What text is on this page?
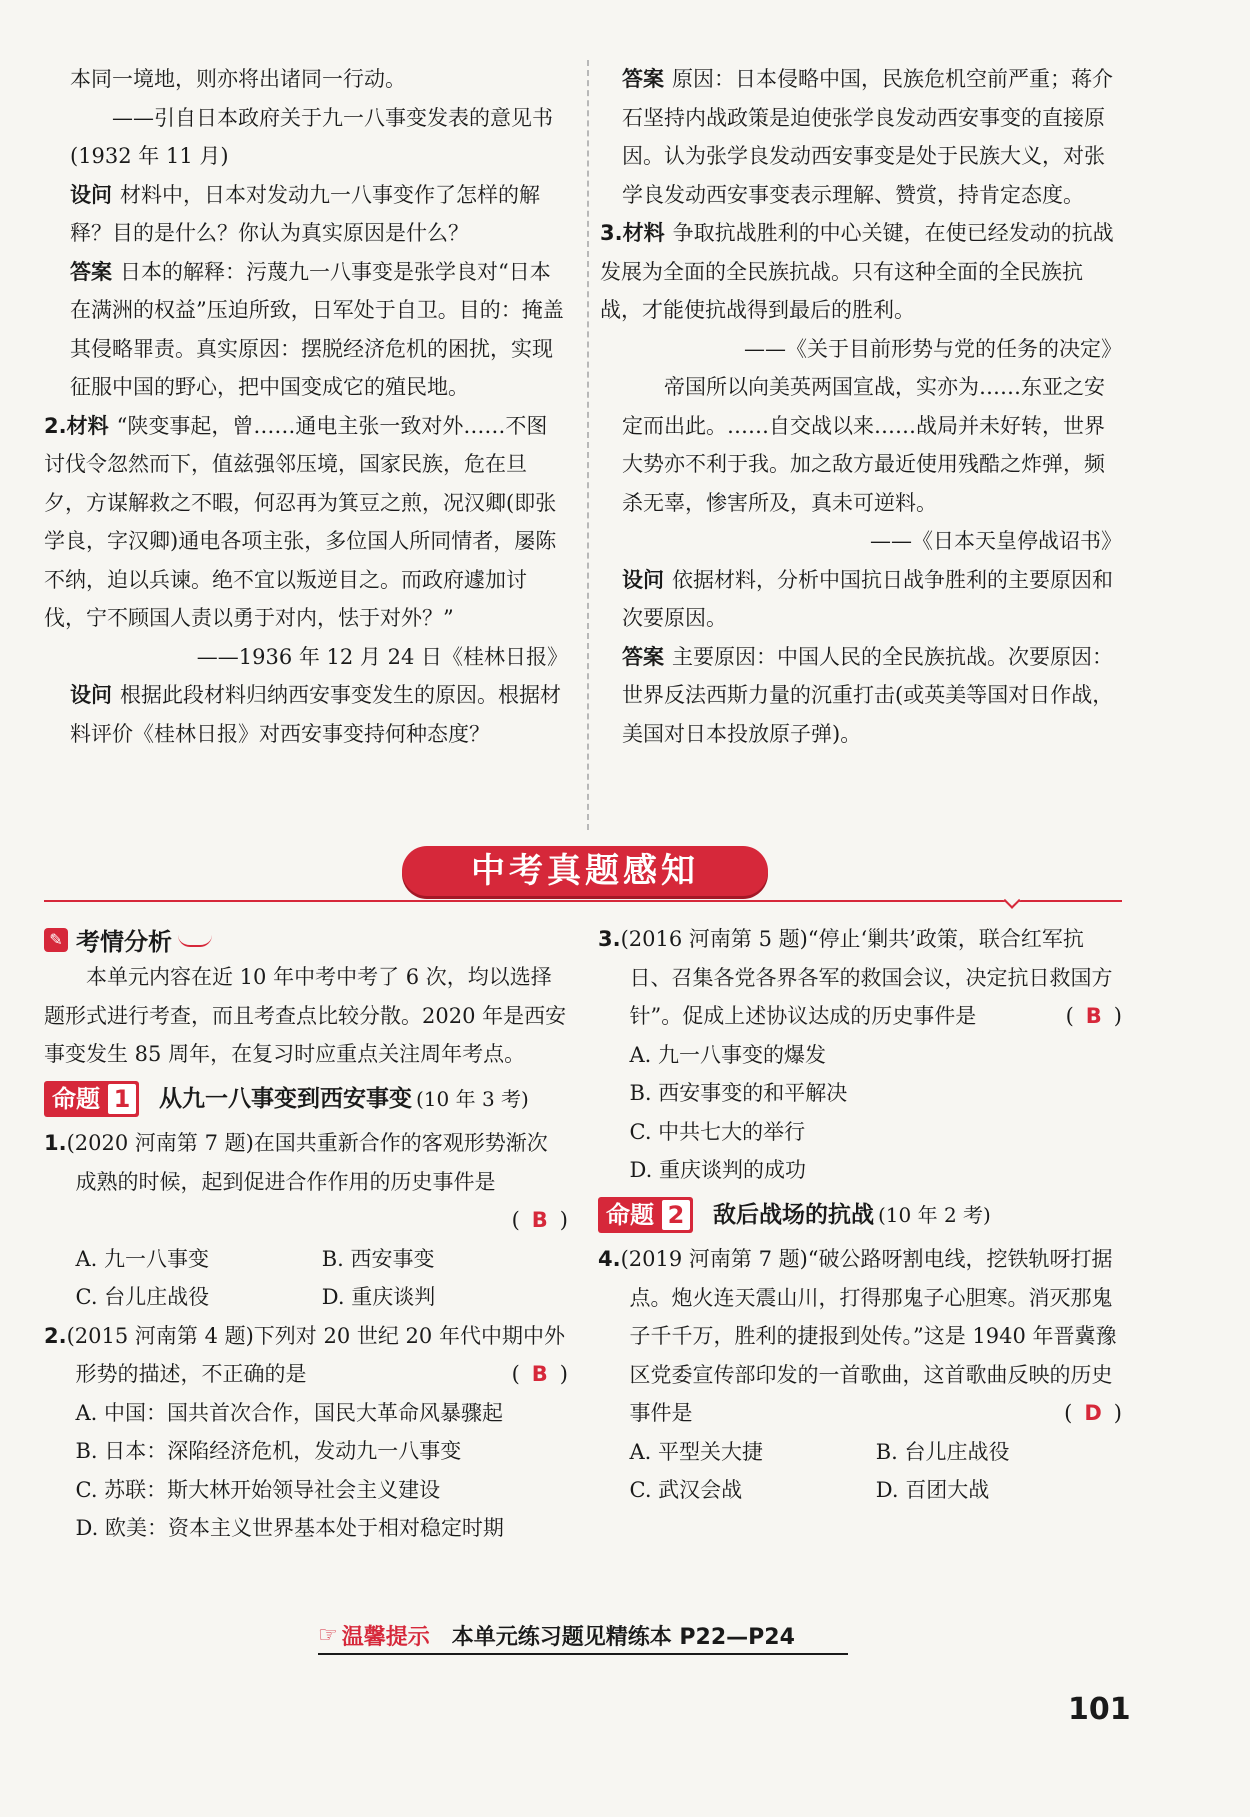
本同一境地，则亦将出诸同一行动。

——引自日本政府关于九一八事变发表的意见书(1932 年 11 月)

设问 材料中，日本对发动九一八事变作了怎样的解释？目的是什么？你认为真实原因是什么？

答案 日本的解释：污蔑九一八事变是张学良对“日本在满洲的权益”压迫所致，日军处于自卫。目的：掩盖其侵略罪责。真实原因：摆脱经济危机的困扰，实现征服中国的野心，把中国变成它的殖民地。

2.材料 “陕变事起，曾……通电主张一致对外……不图讨伐令忽然而下，值兹强邻压境，国家民族，危在旦夕，方谋解救之不暇，何忍再为箕豆之煎，况汉卿(即张学良，字汉卿)通电各项主张，多位国人所同情者，屡陈不纳，迫以兵谏。绝不宜以叛逆目之。而政府遽加讨伐，宁不顾国人责以勇于对内，怯于对外？”

——1936 年 12 月 24 日《桂林日报》

设问 根据此段材料归纳西安事变发生的原因。根据材料评价《桂林日报》对西安事变持何种态度？

答案 原因：日本侵略中国，民族危机空前严重；蒋介石坚持内战政策是迫使张学良发动西安事变的直接原因。认为张学良发动西安事变是处于民族大义，对张学良发动西安事变表示理解、赞赏，持肯定态度。

3.材料 争取抗战胜利的中心关键，在使已经发动的抗战发展为全面的全民族抗战。只有这种全面的全民族抗战，才能使抗战得到最后的胜利。

——《关于目前形势与党的任务的决定》

帝国所以向美英两国宣战，实亦为……东亚之安定而出此。……自交战以来……战局并未好转，世界大势亦不利于我。加之敌方最近使用残酷之炸弹，频杀无辜，惨害所及，真未可逆料。

——《日本天皇停战诏书》

设问 依据材料，分析中国抗日战争胜利的主要原因和次要原因。

答案 主要原因：中国人民的全民族抗战。次要原因：世界反法西斯力量的沉重打击(或英美等国对日作战，美国对日本投放原子弹)。

中考真题感知
✎ 考情分析

本单元内容在近 10 年中考中考了 6 次，均以选择题形式进行考查，而且考查点比较分散。2020 年是西安事变发生 85 周年，在复习时应重点关注周年考点。

命题 1 从九一八事变到西安事变 (10 年 3 考)

1.(2020 河南第 7 题)在国共重新合作的客观形势渐次成熟的时候，起到促进合作作用的历史事件是

( B )
A. 九一八事变	B. 西安事变
C. 台儿庄战役	D. 重庆谈判

2.(2015 河南第 4 题)下列对 20 世纪 20 年代中期中外形势的描述，不正确的是	( B )

A. 中国：国共首次合作，国民大革命风暴骤起

B. 日本：深陷经济危机，发动九一八事变

C. 苏联：斯大林开始领导社会主义建设

D. 欧美：资本主义世界基本处于相对稳定时期

3.(2016 河南第 5 题)“停止‘剿共’政策，联合红军抗日、召集各党各界各军的救国会议，决定抗日救国方针”。促成上述协议达成的历史事件是	( B )

A. 九一八事变的爆发

B. 西安事变的和平解决

C. 中共七大的举行

D. 重庆谈判的成功

命题 2 敌后战场的抗战 (10 年 2 考)

4.(2019 河南第 7 题)“破公路呀割电线，挖铁轨呀打据点。炮火连天震山川，打得那鬼子心胆寒。消灭那鬼子千千万，胜利的捷报到处传。”这是 1940 年晋冀豫区党委宣传部印发的一首歌曲，这首歌曲反映的历史事件是	( D )

A. 平型关大捷	B. 台儿庄战役
C. 武汉会战	D. 百团大战
☞ 温馨提示 本单元练习题见精练本 P22—P24
101
